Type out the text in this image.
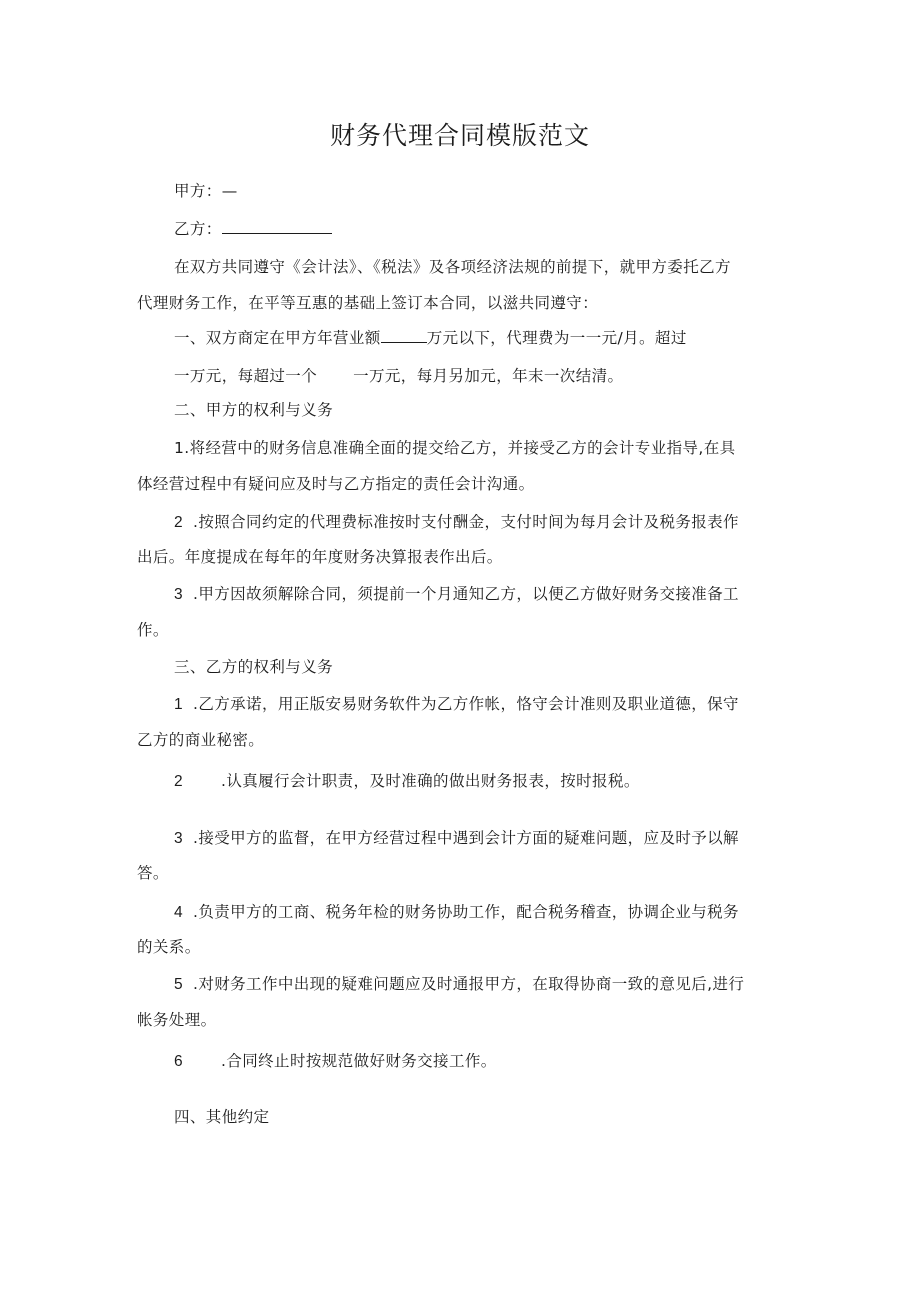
财务代理合同模版范文

甲方：—

乙方：

在双方共同遵守《会计法》、《税法》及各项经济法规的前提下，就甲方委托乙方

代理财务工作，在平等互惠的基础上签订本合同，以滋共同遵守：

一、双方商定在甲方年营业额	万元以下，代理费为一一元/月。超过

一万元，每超过一个 一万元，每月另加元，年末一次结清。

二、甲方的权利与义务

1.将经营中的财务信息准确全面的提交给乙方，并接受乙方的会计专业指导,在具

体经营过程中有疑问应及时与乙方指定的责任会计沟通。

2 .按照合同约定的代理费标准按时支付酬金，支付时间为每月会计及税务报表作

出后。年度提成在每年的年度财务决算报表作出后。

3 .甲方因故须解除合同，须提前一个月通知乙方，以便乙方做好财务交接准备工

作。

三、乙方的权利与义务

1 .乙方承诺，用正版安易财务软件为乙方作帐，恪守会计准则及职业道德，保守

乙方的商业秘密。

2 .认真履行会计职责，及时准确的做出财务报表，按时报税。

3 .接受甲方的监督，在甲方经营过程中遇到会计方面的疑难问题，应及时予以解

答。

4 .负责甲方的工商、税务年检的财务协助工作，配合税务稽查，协调企业与税务

的关系。

5 .对财务工作中出现的疑难问题应及时通报甲方，在取得协商一致的意见后,进行

帐务处理。

6 .合同终止时按规范做好财务交接工作。

四、其他约定
